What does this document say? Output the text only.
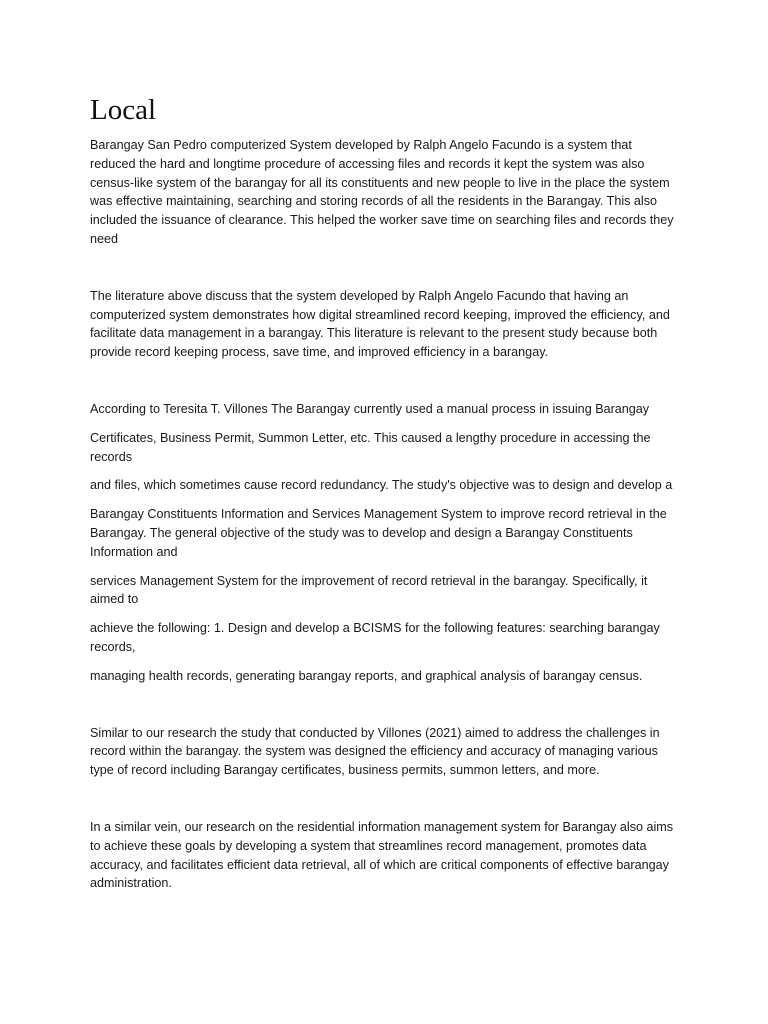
Local

Barangay San Pedro computerized System developed by Ralph Angelo Facundo is a system that reduced the hard and longtime procedure of accessing files and records it kept the system was also census-like system of the barangay for all its constituents and new people to live in the place the system was effective maintaining, searching and storing records of all the residents in the Barangay. This also included the issuance of clearance. This helped the worker save time on searching files and records they need

The literature above discuss that the system developed by Ralph Angelo Facundo that having an computerized system demonstrates how digital streamlined record keeping, improved the efficiency, and facilitate data management in a barangay. This literature is relevant to the present study because both provide record keeping process, save time, and improved efficiency in a barangay.

According to Teresita T. Villones The Barangay currently used a manual process in issuing Barangay

Certificates, Business Permit, Summon Letter, etc. This caused a lengthy procedure in accessing the records

and files, which sometimes cause record redundancy. The study's objective was to design and develop a

Barangay Constituents Information and Services Management System to improve record retrieval in the Barangay. The general objective of the study was to develop and design a Barangay Constituents Information and

services Management System for the improvement of record retrieval in the barangay. Specifically, it aimed to

achieve the following: 1. Design and develop a BCISMS for the following features: searching barangay records,

managing health records, generating barangay reports, and graphical analysis of barangay census.

Similar to our research the study that conducted by Villones (2021) aimed to address the challenges in record within the barangay. the system was designed the efficiency and accuracy of managing various type of record including Barangay certificates, business permits, summon letters, and more.

In a similar vein, our research on the residential information management system for Barangay also aims to achieve these goals by developing a system that streamlines record management, promotes data accuracy, and facilitates efficient data retrieval, all of which are critical components of effective barangay administration.
